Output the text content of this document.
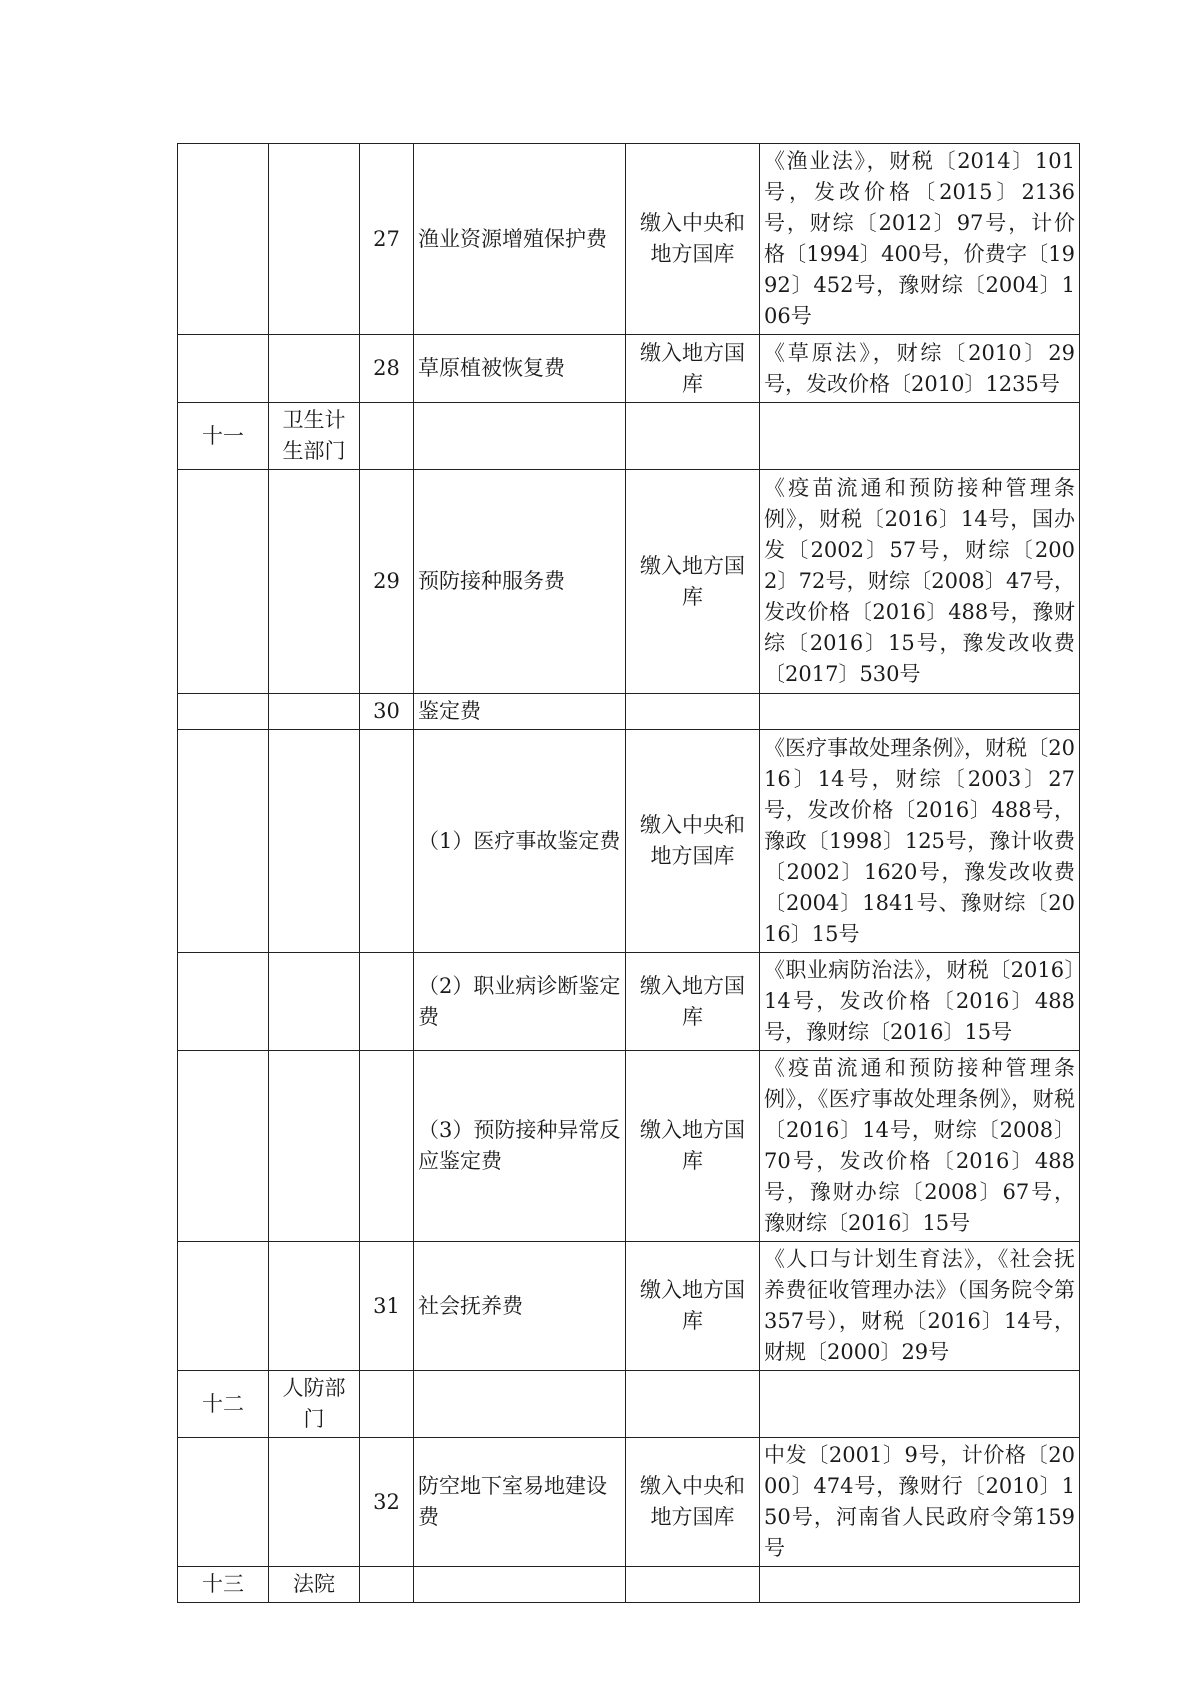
		27	渔业资源增殖保护费	缴入中央和地方国库	《渔业法》，财税〔2014〕101号，发改价格〔2015〕2136号，财综〔2012〕97号，计价格〔1994〕400号，价费字〔1992〕452号，豫财综〔2004〕106号
		28	草原植被恢复费	缴入地方国库	《草原法》，财综〔2010〕29号，发改价格〔2010〕1235号
十一	卫生计生部门				
		29	预防接种服务费	缴入地方国库	《疫苗流通和预防接种管理条例》，财税〔2016〕14号，国办发〔2002〕57号，财综〔2002〕72号，财综〔2008〕47号，发改价格〔2016〕488号，豫财综〔2016〕15号，豫发改收费〔2017〕530号
		30	鉴定费		
			（1）医疗事故鉴定费	缴入中央和地方国库	《医疗事故处理条例》，财税〔2016〕14号，财综〔2003〕27号，发改价格〔2016〕488号，豫政〔1998〕125号，豫计收费〔2002〕1620号，豫发改收费〔2004〕1841号、豫财综〔2016〕15号
			（2）职业病诊断鉴定费	缴入地方国库	《职业病防治法》，财税〔2016〕14号，发改价格〔2016〕488号，豫财综〔2016〕15号
			（3）预防接种异常反应鉴定费	缴入地方国库	《疫苗流通和预防接种管理条例》，《医疗事故处理条例》，财税〔2016〕14号，财综〔2008〕70号，发改价格〔2016〕488号，豫财办综〔2008〕67号，豫财综〔2016〕15号
		31	社会抚养费	缴入地方国库	《人口与计划生育法》，《社会抚养费征收管理办法》（国务院令第357号），财税〔2016〕14号，财规〔2000〕29号
十二	人防部门				
		32	防空地下室易地建设费	缴入中央和地方国库	中发〔2001〕9号，计价格〔2000〕474号，豫财行〔2010〕150号，河南省人民政府令第159号
十三	法院				
